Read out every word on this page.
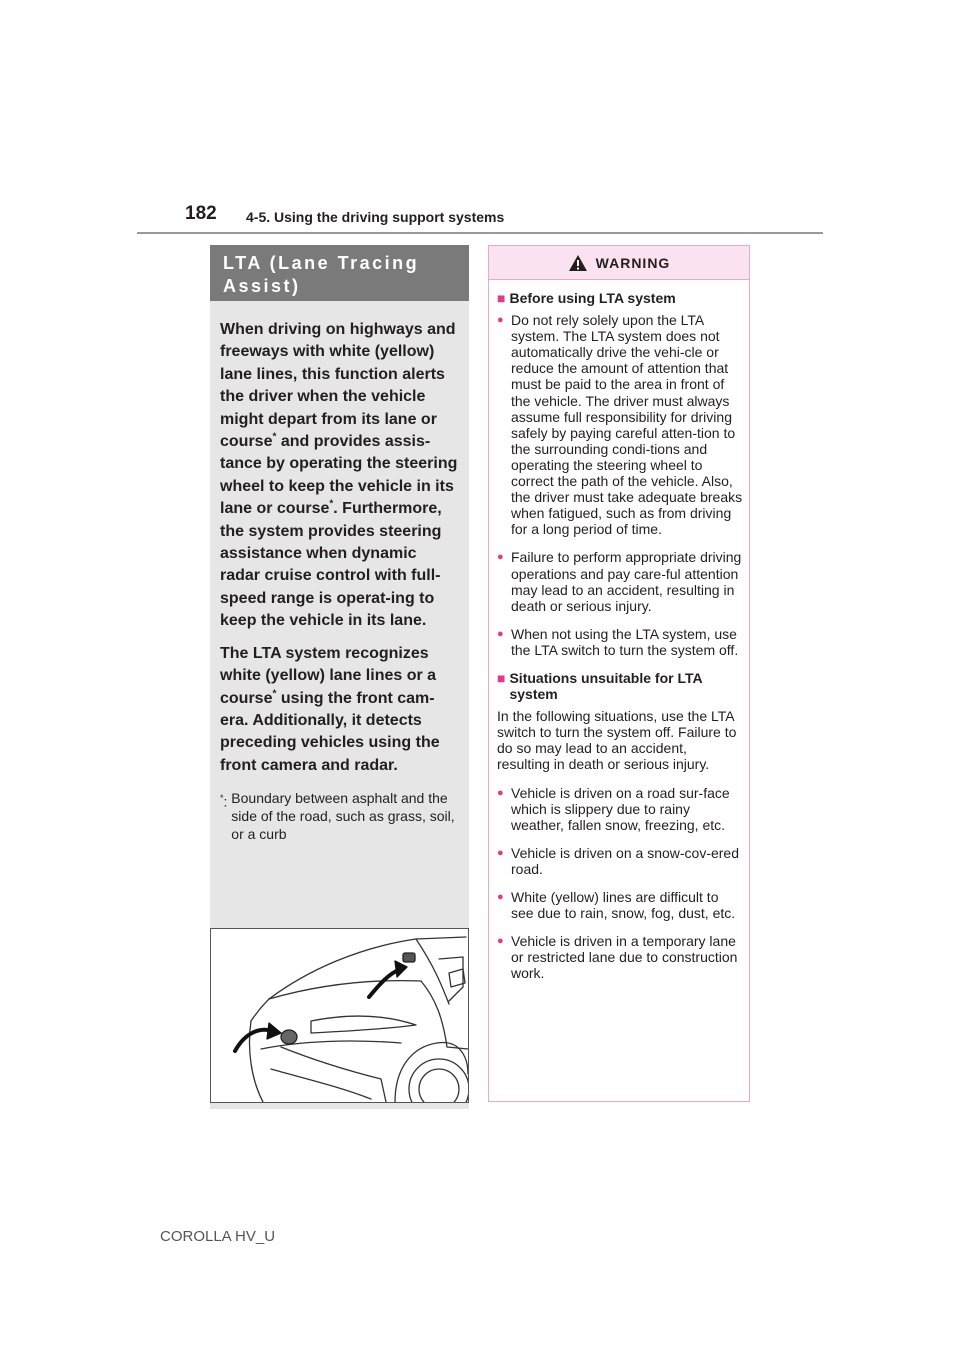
182 4-5. Using the driving support systems
LTA (Lane Tracing
Assist)

When driving on highways and freeways with white (yellow) lane lines, this function alerts the driver when the vehicle might depart from its lane or course* and provides assis-tance by operating the steering wheel to keep the vehicle in its lane or course*. Furthermore, the system provides steering assistance when dynamic radar cruise control with full-speed range is operat-ing to keep the vehicle in its lane.

The LTA system recognizes white (yellow) lane lines or a course* using the front cam-era. Additionally, it detects preceding vehicles using the front camera and radar.

*: Boundary between asphalt and the side of the road, such as grass, soil, or a curb
WARNING
■ Before using LTA system
● Do not rely solely upon the LTA system. The LTA system does not automatically drive the vehi-cle or reduce the amount of attention that must be paid to the area in front of the vehicle. The driver must always assume full responsibility for driving safely by paying careful atten-tion to the surrounding condi-tions and operating the steering wheel to correct the path of the vehicle. Also, the driver must take adequate breaks when fatigued, such as from driving for a long period of time.
● Failure to perform appropriate driving operations and pay care-ful attention may lead to an accident, resulting in death or serious injury.
● When not using the LTA system, use the LTA switch to turn the system off.
■ Situations unsuitable for LTA system
In the following situations, use the LTA switch to turn the system off. Failure to do so may lead to an accident, resulting in death or serious injury.
● Vehicle is driven on a road sur-face which is slippery due to rainy weather, fallen snow, freezing, etc.
● Vehicle is driven on a snow-cov-ered road.
● White (yellow) lines are difficult to see due to rain, snow, fog, dust, etc.
● Vehicle is driven in a temporary lane or restricted lane due to construction work.
COROLLA HV_U
